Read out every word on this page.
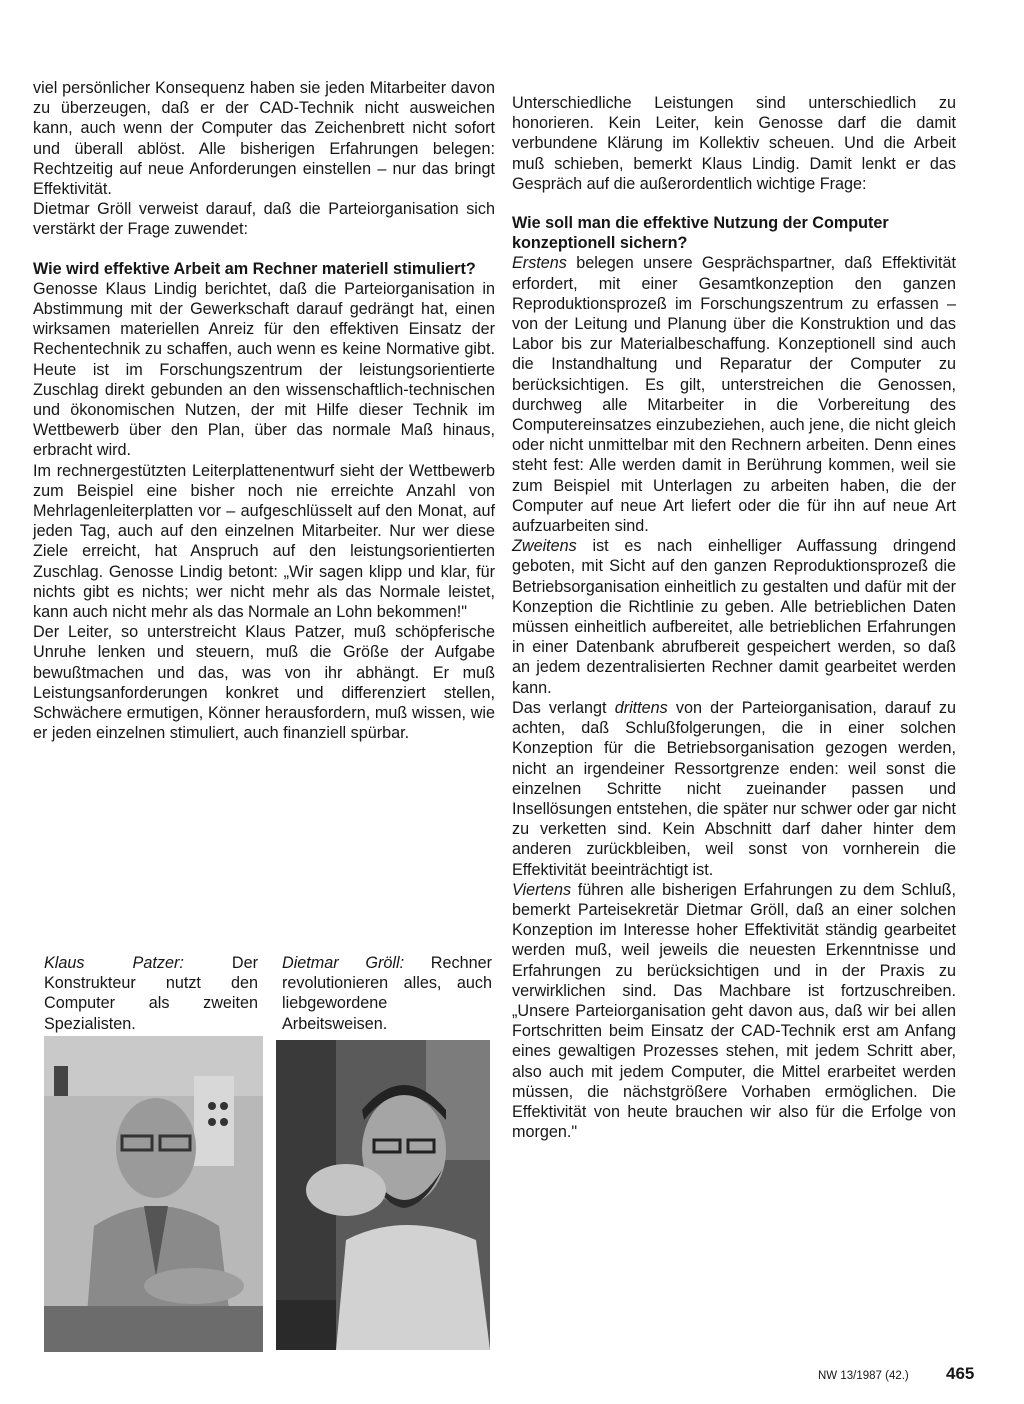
viel persönlicher Konsequenz haben sie jeden Mitarbeiter davon zu überzeugen, daß er der CAD-Technik nicht ausweichen kann, auch wenn der Computer das Zeichenbrett nicht sofort und überall ablöst. Alle bisherigen Erfahrungen belegen: Rechtzeitig auf neue Anforderungen einstellen – nur das bringt Effektivität.

Dietmar Gröll verweist darauf, daß die Parteiorganisation sich verstärkt der Frage zuwendet:

Wie wird effektive Arbeit am Rechner materiell stimuliert?

Genosse Klaus Lindig berichtet, daß die Parteiorganisation in Abstimmung mit der Gewerkschaft darauf gedrängt hat, einen wirksamen materiellen Anreiz für den effektiven Einsatz der Rechentechnik zu schaffen, auch wenn es keine Normative gibt. Heute ist im Forschungszentrum der leistungsorientierte Zuschlag direkt gebunden an den wissenschaftlich-technischen und ökonomischen Nutzen, der mit Hilfe dieser Technik im Wettbewerb über den Plan, über das normale Maß hinaus, erbracht wird.

Im rechnergestützten Leiterplattenentwurf sieht der Wettbewerb zum Beispiel eine bisher noch nie erreichte Anzahl von Mehrlagenleiterplatten vor – aufgeschlüsselt auf den Monat, auf jeden Tag, auch auf den einzelnen Mitarbeiter. Nur wer diese Ziele erreicht, hat Anspruch auf den leistungsorientierten Zuschlag. Genosse Lindig betont: „Wir sagen klipp und klar, für nichts gibt es nichts; wer nicht mehr als das Normale leistet, kann auch nicht mehr als das Normale an Lohn bekommen!"

Der Leiter, so unterstreicht Klaus Patzer, muß schöpferische Unruhe lenken und steuern, muß die Größe der Aufgabe bewußtmachen und das, was von ihr abhängt. Er muß Leistungsanforderungen konkret und differenziert stellen, Schwächere ermutigen, Könner herausfordern, muß wissen, wie er jeden einzelnen stimuliert, auch finanziell spürbar.

Klaus Patzer: Der Konstrukteur nutzt den Computer als zweiten Spezialisten.

Dietmar Gröll: Rechner revolutionieren alles, auch liebgewordene Arbeitsweisen.

Unterschiedliche Leistungen sind unterschiedlich zu honorieren. Kein Leiter, kein Genosse darf die damit verbundene Klärung im Kollektiv scheuen. Und die Arbeit muß schieben, bemerkt Klaus Lindig. Damit lenkt er das Gespräch auf die außerordentlich wichtige Frage:

Wie soll man die effektive Nutzung der Computer konzeptionell sichern?

Erstens belegen unsere Gesprächspartner, daß Effektivität erfordert, mit einer Gesamtkonzeption den ganzen Reproduktionsprozeß im Forschungszentrum zu erfassen – von der Leitung und Planung über die Konstruktion und das Labor bis zur Materialbeschaffung. Konzeptionell sind auch die Instandhaltung und Reparatur der Computer zu berücksichtigen. Es gilt, unterstreichen die Genossen, durchweg alle Mitarbeiter in die Vorbereitung des Computereinsatzes einzubeziehen, auch jene, die nicht gleich oder nicht unmittelbar mit den Rechnern arbeiten. Denn eines steht fest: Alle werden damit in Berührung kommen, weil sie zum Beispiel mit Unterlagen zu arbeiten haben, die der Computer auf neue Art liefert oder die für ihn auf neue Art aufzuarbeiten sind.

Zweitens ist es nach einhelliger Auffassung dringend geboten, mit Sicht auf den ganzen Reproduktionsprozeß die Betriebsorganisation einheitlich zu gestalten und dafür mit der Konzeption die Richtlinie zu geben. Alle betrieblichen Daten müssen einheitlich aufbereitet, alle betrieblichen Erfahrungen in einer Datenbank abrufbereit gespeichert werden, so daß an jedem dezentralisierten Rechner damit gearbeitet werden kann.

Das verlangt drittens von der Parteiorganisation, darauf zu achten, daß Schlußfolgerungen, die in einer solchen Konzeption für die Betriebsorganisation gezogen werden, nicht an irgendeiner Ressortgrenze enden: weil sonst die einzelnen Schritte nicht zueinander passen und Insellösungen entstehen, die später nur schwer oder gar nicht zu verketten sind. Kein Abschnitt darf daher hinter dem anderen zurückbleiben, weil sonst von vornherein die Effektivität beeinträchtigt ist.

Viertens führen alle bisherigen Erfahrungen zu dem Schluß, bemerkt Parteisekretär Dietmar Gröll, daß an einer solchen Konzeption im Interesse hoher Effektivität ständig gearbeitet werden muß, weil jeweils die neuesten Erkenntnisse und Erfahrungen zu berücksichtigen und in der Praxis zu verwirklichen sind. Das Machbare ist fortzuschreiben. „Unsere Parteiorganisation geht davon aus, daß wir bei allen Fortschritten beim Einsatz der CAD-Technik erst am Anfang eines gewaltigen Prozesses stehen, mit jedem Schritt aber, also auch mit jedem Computer, die Mittel erarbeitet werden müssen, die nächstgrößere Vorhaben ermöglichen. Die Effektivität von heute brauchen wir also für die Erfolge von morgen."

NW 13/1987 (42.) 465
